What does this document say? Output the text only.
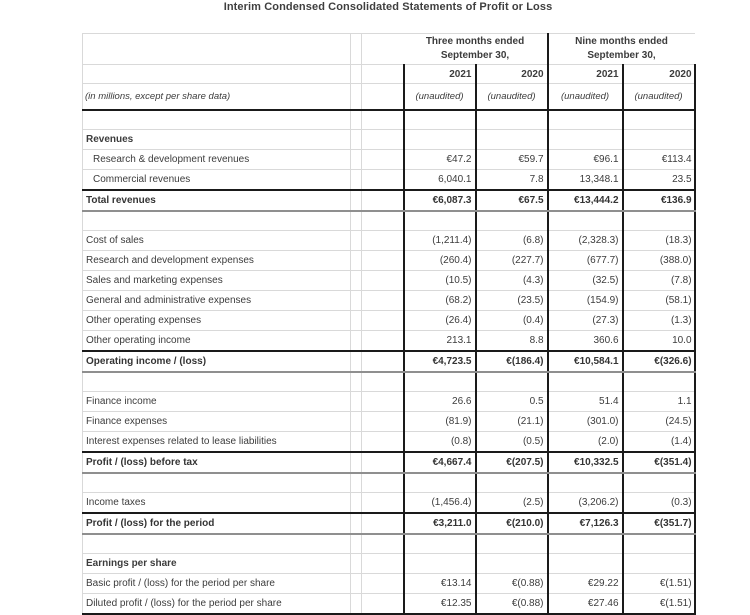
Interim Condensed Consolidated Statements of Profit or Loss

Three months ended
September 30,

Nine months ended
September 30,

			2021	2020	2021	2020
(in millions, except per share data)			(unaudited)	(unaudited)	(unaudited)	(unaudited)

Revenues						
Research & development revenues			€47.2	€59.7	€96.1	€113.4
Commercial revenues			6,040.1	7.8	13,348.1	23.5
Total revenues			€6,087.3	€67.5	€13,444.2	€136.9

Cost of sales			(1,211.4)	(6.8)	(2,328.3)	(18.3)
Research and development expenses			(260.4)	(227.7)	(677.7)	(388.0)
Sales and marketing expenses			(10.5)	(4.3)	(32.5)	(7.8)
General and administrative expenses			(68.2)	(23.5)	(154.9)	(58.1)
Other operating expenses			(26.4)	(0.4)	(27.3)	(1.3)
Other operating income			213.1	8.8	360.6	10.0
Operating income / (loss)			€4,723.5	€(186.4)	€10,584.1	€(326.6)

Finance income			26.6	0.5	51.4	1.1
Finance expenses			(81.9)	(21.1)	(301.0)	(24.5)
Interest expenses related to lease liabilities			(0.8)	(0.5)	(2.0)	(1.4)
Profit / (loss) before tax			€4,667.4	€(207.5)	€10,332.5	€(351.4)

Income taxes			(1,456.4)	(2.5)	(3,206.2)	(0.3)
Profit / (loss) for the period			€3,211.0	€(210.0)	€7,126.3	€(351.7)

Earnings per share						
Basic profit / (loss) for the period per share			€13.14	€(0.88)	€29.22	€(1.51)
Diluted profit / (loss) for the period per share			€12.35	€(0.88)	€27.46	€(1.51)
